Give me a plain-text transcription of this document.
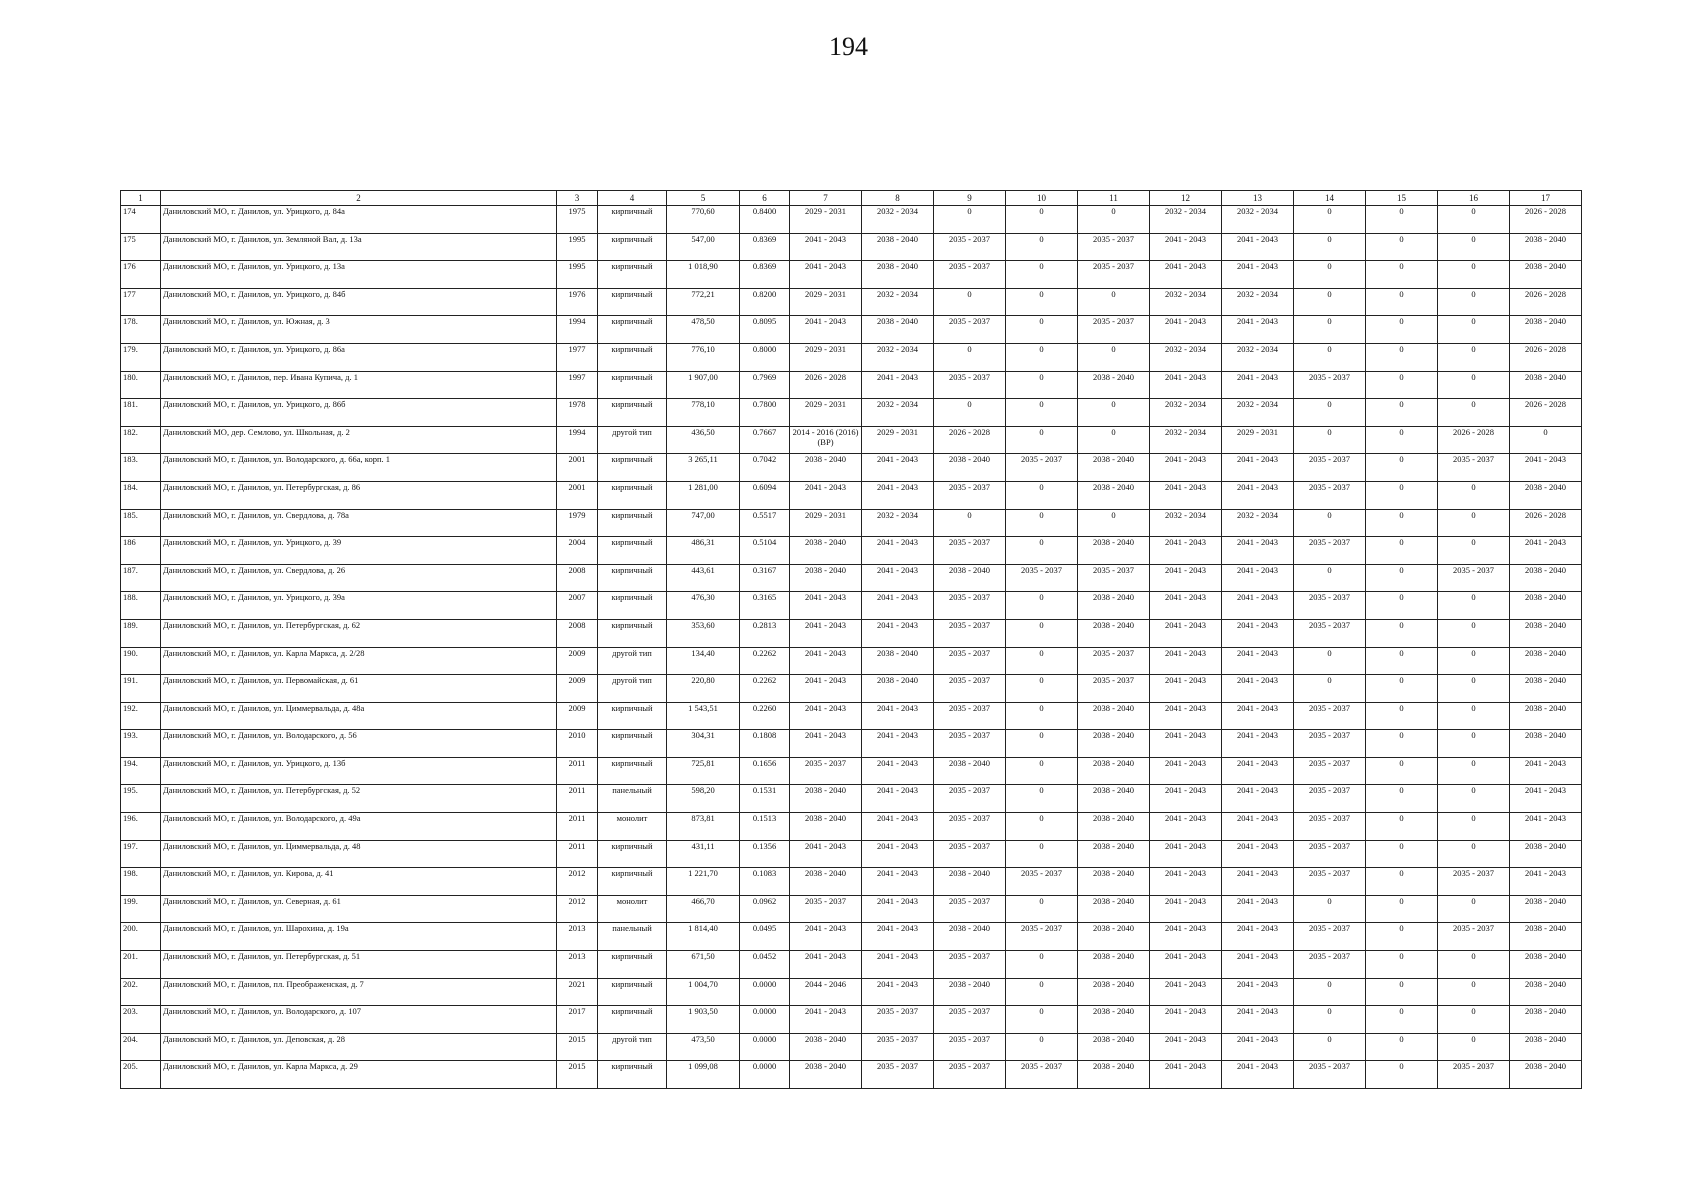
194
1	2	3	4	5	6	7	8	9	10	11	12	13	14	15	16	17
174	Даниловский МО, г. Данилов, ул. Урицкого, д. 84а	1975	кирпичный	770,60	0.8400	2029 - 2031	2032 - 2034	0	0	0	2032 - 2034	2032 - 2034	0	0	0	2026 - 2028
175	Даниловский МО, г. Данилов, ул. Земляной Вал, д. 13а	1995	кирпичный	547,00	0.8369	2041 - 2043	2038 - 2040	2035 - 2037	0	2035 - 2037	2041 - 2043	2041 - 2043	0	0	0	2038 - 2040
176	Даниловский МО, г. Данилов, ул. Урицкого, д. 13а	1995	кирпичный	1 018,90	0.8369	2041 - 2043	2038 - 2040	2035 - 2037	0	2035 - 2037	2041 - 2043	2041 - 2043	0	0	0	2038 - 2040
177	Даниловский МО, г. Данилов, ул. Урицкого, д. 84б	1976	кирпичный	772,21	0.8200	2029 - 2031	2032 - 2034	0	0	0	2032 - 2034	2032 - 2034	0	0	0	2026 - 2028
178.	Даниловский МО, г. Данилов, ул. Южная, д. 3	1994	кирпичный	478,50	0.8095	2041 - 2043	2038 - 2040	2035 - 2037	0	2035 - 2037	2041 - 2043	2041 - 2043	0	0	0	2038 - 2040
179.	Даниловский МО, г. Данилов, ул. Урицкого, д. 86а	1977	кирпичный	776,10	0.8000	2029 - 2031	2032 - 2034	0	0	0	2032 - 2034	2032 - 2034	0	0	0	2026 - 2028
180.	Даниловский МО, г. Данилов, пер. Ивана Купича, д. 1	1997	кирпичный	1 907,00	0.7969	2026 - 2028	2041 - 2043	2035 - 2037	0	2038 - 2040	2041 - 2043	2041 - 2043	2035 - 2037	0	0	2038 - 2040
181.	Даниловский МО, г. Данилов, ул. Урицкого, д. 86б	1978	кирпичный	778,10	0.7800	2029 - 2031	2032 - 2034	0	0	0	2032 - 2034	2032 - 2034	0	0	0	2026 - 2028
182.	Даниловский МО, дер. Семлово, ул. Школьная, д. 2	1994	другой тип	436,50	0.7667	2014 - 2016 (2016) (ВР)	2029 - 2031	2026 - 2028	0	0	2032 - 2034	2029 - 2031	0	0	2026 - 2028	0
183.	Даниловский МО, г. Данилов, ул. Володарского, д. 66а, корп. 1	2001	кирпичный	3 265,11	0.7042	2038 - 2040	2041 - 2043	2038 - 2040	2035 - 2037	2038 - 2040	2041 - 2043	2041 - 2043	2035 - 2037	0	2035 - 2037	2041 - 2043
184.	Даниловский МО, г. Данилов, ул. Петербургская, д. 86	2001	кирпичный	1 281,00	0.6094	2041 - 2043	2041 - 2043	2035 - 2037	0	2038 - 2040	2041 - 2043	2041 - 2043	2035 - 2037	0	0	2038 - 2040
185.	Даниловский МО, г. Данилов, ул. Свердлова, д. 78а	1979	кирпичный	747,00	0.5517	2029 - 2031	2032 - 2034	0	0	0	2032 - 2034	2032 - 2034	0	0	0	2026 - 2028
186	Даниловский МО, г. Данилов, ул. Урицкого, д. 39	2004	кирпичный	486,31	0.5104	2038 - 2040	2041 - 2043	2035 - 2037	0	2038 - 2040	2041 - 2043	2041 - 2043	2035 - 2037	0	0	2041 - 2043
187.	Даниловский МО, г. Данилов, ул. Свердлова, д. 26	2008	кирпичный	443,61	0.3167	2038 - 2040	2041 - 2043	2038 - 2040	2035 - 2037	2035 - 2037	2041 - 2043	2041 - 2043	0	0	2035 - 2037	2038 - 2040
188.	Даниловский МО, г. Данилов, ул. Урицкого, д. 39а	2007	кирпичный	476,30	0.3165	2041 - 2043	2041 - 2043	2035 - 2037	0	2038 - 2040	2041 - 2043	2041 - 2043	2035 - 2037	0	0	2038 - 2040
189.	Даниловский МО, г. Данилов, ул. Петербургская, д. 62	2008	кирпичный	353,60	0.2813	2041 - 2043	2041 - 2043	2035 - 2037	0	2038 - 2040	2041 - 2043	2041 - 2043	2035 - 2037	0	0	2038 - 2040
190.	Даниловский МО, г. Данилов, ул. Карла Маркса, д. 2/28	2009	другой тип	134,40	0.2262	2041 - 2043	2038 - 2040	2035 - 2037	0	2035 - 2037	2041 - 2043	2041 - 2043	0	0	0	2038 - 2040
191.	Даниловский МО, г. Данилов, ул. Первомайская, д. 61	2009	другой тип	220,80	0.2262	2041 - 2043	2038 - 2040	2035 - 2037	0	2035 - 2037	2041 - 2043	2041 - 2043	0	0	0	2038 - 2040
192.	Даниловский МО, г. Данилов, ул. Циммервальда, д. 48а	2009	кирпичный	1 543,51	0.2260	2041 - 2043	2041 - 2043	2035 - 2037	0	2038 - 2040	2041 - 2043	2041 - 2043	2035 - 2037	0	0	2038 - 2040
193.	Даниловский МО, г. Данилов, ул. Володарского, д. 56	2010	кирпичный	304,31	0.1808	2041 - 2043	2041 - 2043	2035 - 2037	0	2038 - 2040	2041 - 2043	2041 - 2043	2035 - 2037	0	0	2038 - 2040
194.	Даниловский МО, г. Данилов, ул. Урицкого, д. 13б	2011	кирпичный	725,81	0.1656	2035 - 2037	2041 - 2043	2038 - 2040	0	2038 - 2040	2041 - 2043	2041 - 2043	2035 - 2037	0	0	2041 - 2043
195.	Даниловский МО, г. Данилов, ул. Петербургская, д. 52	2011	панельный	598,20	0.1531	2038 - 2040	2041 - 2043	2035 - 2037	0	2038 - 2040	2041 - 2043	2041 - 2043	2035 - 2037	0	0	2041 - 2043
196.	Даниловский МО, г. Данилов, ул. Володарского, д. 49а	2011	монолит	873,81	0.1513	2038 - 2040	2041 - 2043	2035 - 2037	0	2038 - 2040	2041 - 2043	2041 - 2043	2035 - 2037	0	0	2041 - 2043
197.	Даниловский МО, г. Данилов, ул. Циммервальда, д. 48	2011	кирпичный	431,11	0.1356	2041 - 2043	2041 - 2043	2035 - 2037	0	2038 - 2040	2041 - 2043	2041 - 2043	2035 - 2037	0	0	2038 - 2040
198.	Даниловский МО, г. Данилов, ул. Кирова, д. 41	2012	кирпичный	1 221,70	0.1083	2038 - 2040	2041 - 2043	2038 - 2040	2035 - 2037	2038 - 2040	2041 - 2043	2041 - 2043	2035 - 2037	0	2035 - 2037	2041 - 2043
199.	Даниловский МО, г. Данилов, ул. Северная, д. 61	2012	монолит	466,70	0.0962	2035 - 2037	2041 - 2043	2035 - 2037	0	2038 - 2040	2041 - 2043	2041 - 2043	0	0	0	2038 - 2040
200.	Даниловский МО, г. Данилов, ул. Шарохина, д. 19а	2013	панельный	1 814,40	0.0495	2041 - 2043	2041 - 2043	2038 - 2040	2035 - 2037	2038 - 2040	2041 - 2043	2041 - 2043	2035 - 2037	0	2035 - 2037	2038 - 2040
201.	Даниловский МО, г. Данилов, ул. Петербургская, д. 51	2013	кирпичный	671,50	0.0452	2041 - 2043	2041 - 2043	2035 - 2037	0	2038 - 2040	2041 - 2043	2041 - 2043	2035 - 2037	0	0	2038 - 2040
202.	Даниловский МО, г. Данилов, пл. Преображенская, д. 7	2021	кирпичный	1 004,70	0.0000	2044 - 2046	2041 - 2043	2038 - 2040	0	2038 - 2040	2041 - 2043	2041 - 2043	0	0	0	2038 - 2040
203.	Даниловский МО, г. Данилов, ул. Володарского, д. 107	2017	кирпичный	1 903,50	0.0000	2041 - 2043	2035 - 2037	2035 - 2037	0	2038 - 2040	2041 - 2043	2041 - 2043	0	0	0	2038 - 2040
204.	Даниловский МО, г. Данилов, ул. Деповская, д. 28	2015	другой тип	473,50	0.0000	2038 - 2040	2035 - 2037	2035 - 2037	0	2038 - 2040	2041 - 2043	2041 - 2043	0	0	0	2038 - 2040
205.	Даниловский МО, г. Данилов, ул. Карла Маркса, д. 29	2015	кирпичный	1 099,08	0.0000	2038 - 2040	2035 - 2037	2035 - 2037	2035 - 2037	2038 - 2040	2041 - 2043	2041 - 2043	2035 - 2037	0	2035 - 2037	2038 - 2040
